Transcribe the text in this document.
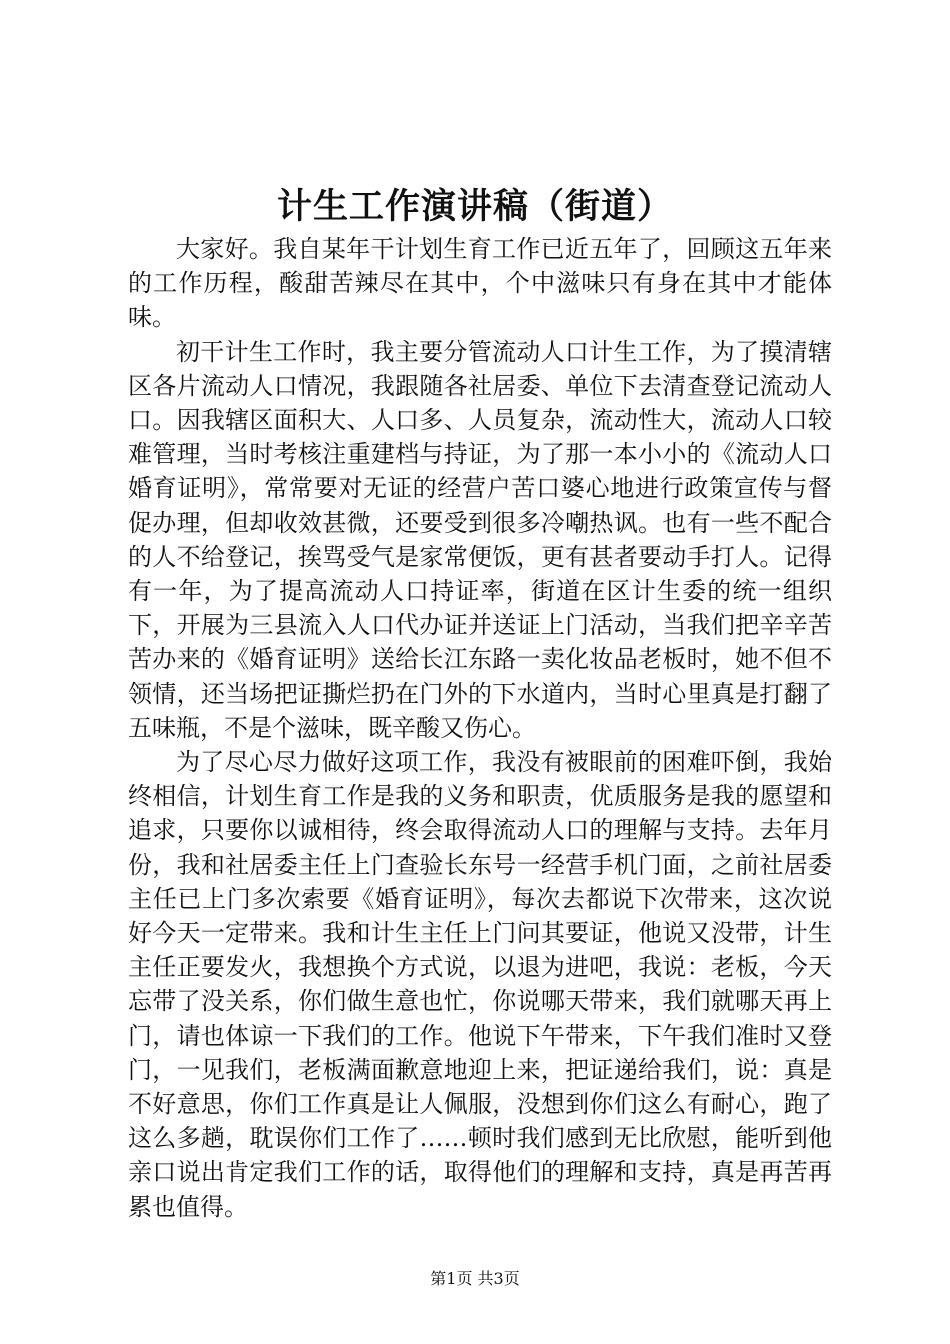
计生工作演讲稿（街道）

大家好。我自某年干计划生育工作已近五年了，回顾这五年来的工作历程，酸甜苦辣尽在其中，个中滋味只有身在其中才能体味。

初干计生工作时，我主要分管流动人口计生工作，为了摸清辖区各片流动人口情况，我跟随各社居委、单位下去清查登记流动人口。因我辖区面积大、人口多、人员复杂，流动性大，流动人口较难管理，当时考核注重建档与持证，为了那一本小小的《流动人口婚育证明》，常常要对无证的经营户苦口婆心地进行政策宣传与督促办理，但却收效甚微，还要受到很多冷嘲热讽。也有一些不配合的人不给登记，挨骂受气是家常便饭，更有甚者要动手打人。记得有一年，为了提高流动人口持证率，街道在区计生委的统一组织下，开展为三县流入人口代办证并送证上门活动，当我们把辛辛苦苦办来的《婚育证明》送给长江东路一卖化妆品老板时，她不但不领情，还当场把证撕烂扔在门外的下水道内，当时心里真是打翻了五味瓶，不是个滋味，既辛酸又伤心。

为了尽心尽力做好这项工作，我没有被眼前的困难吓倒，我始终相信，计划生育工作是我的义务和职责，优质服务是我的愿望和追求，只要你以诚相待，终会取得流动人口的理解与支持。去年月份，我和社居委主任上门查验长东号一经营手机门面，之前社居委主任已上门多次索要《婚育证明》，每次去都说下次带来，这次说好今天一定带来。我和计生主任上门问其要证，他说又没带，计生主任正要发火，我想换个方式说，以退为进吧，我说：老板，今天忘带了没关系，你们做生意也忙，你说哪天带来，我们就哪天再上门，请也体谅一下我们的工作。他说下午带来，下午我们准时又登门，一见我们，老板满面歉意地迎上来，把证递给我们，说：真是不好意思，你们工作真是让人佩服，没想到你们这么有耐心，跑了这么多趟，耽误你们工作了……顿时我们感到无比欣慰，能听到他亲口说出肯定我们工作的话，取得他们的理解和支持，真是再苦再累也值得。

第1页 共3页
